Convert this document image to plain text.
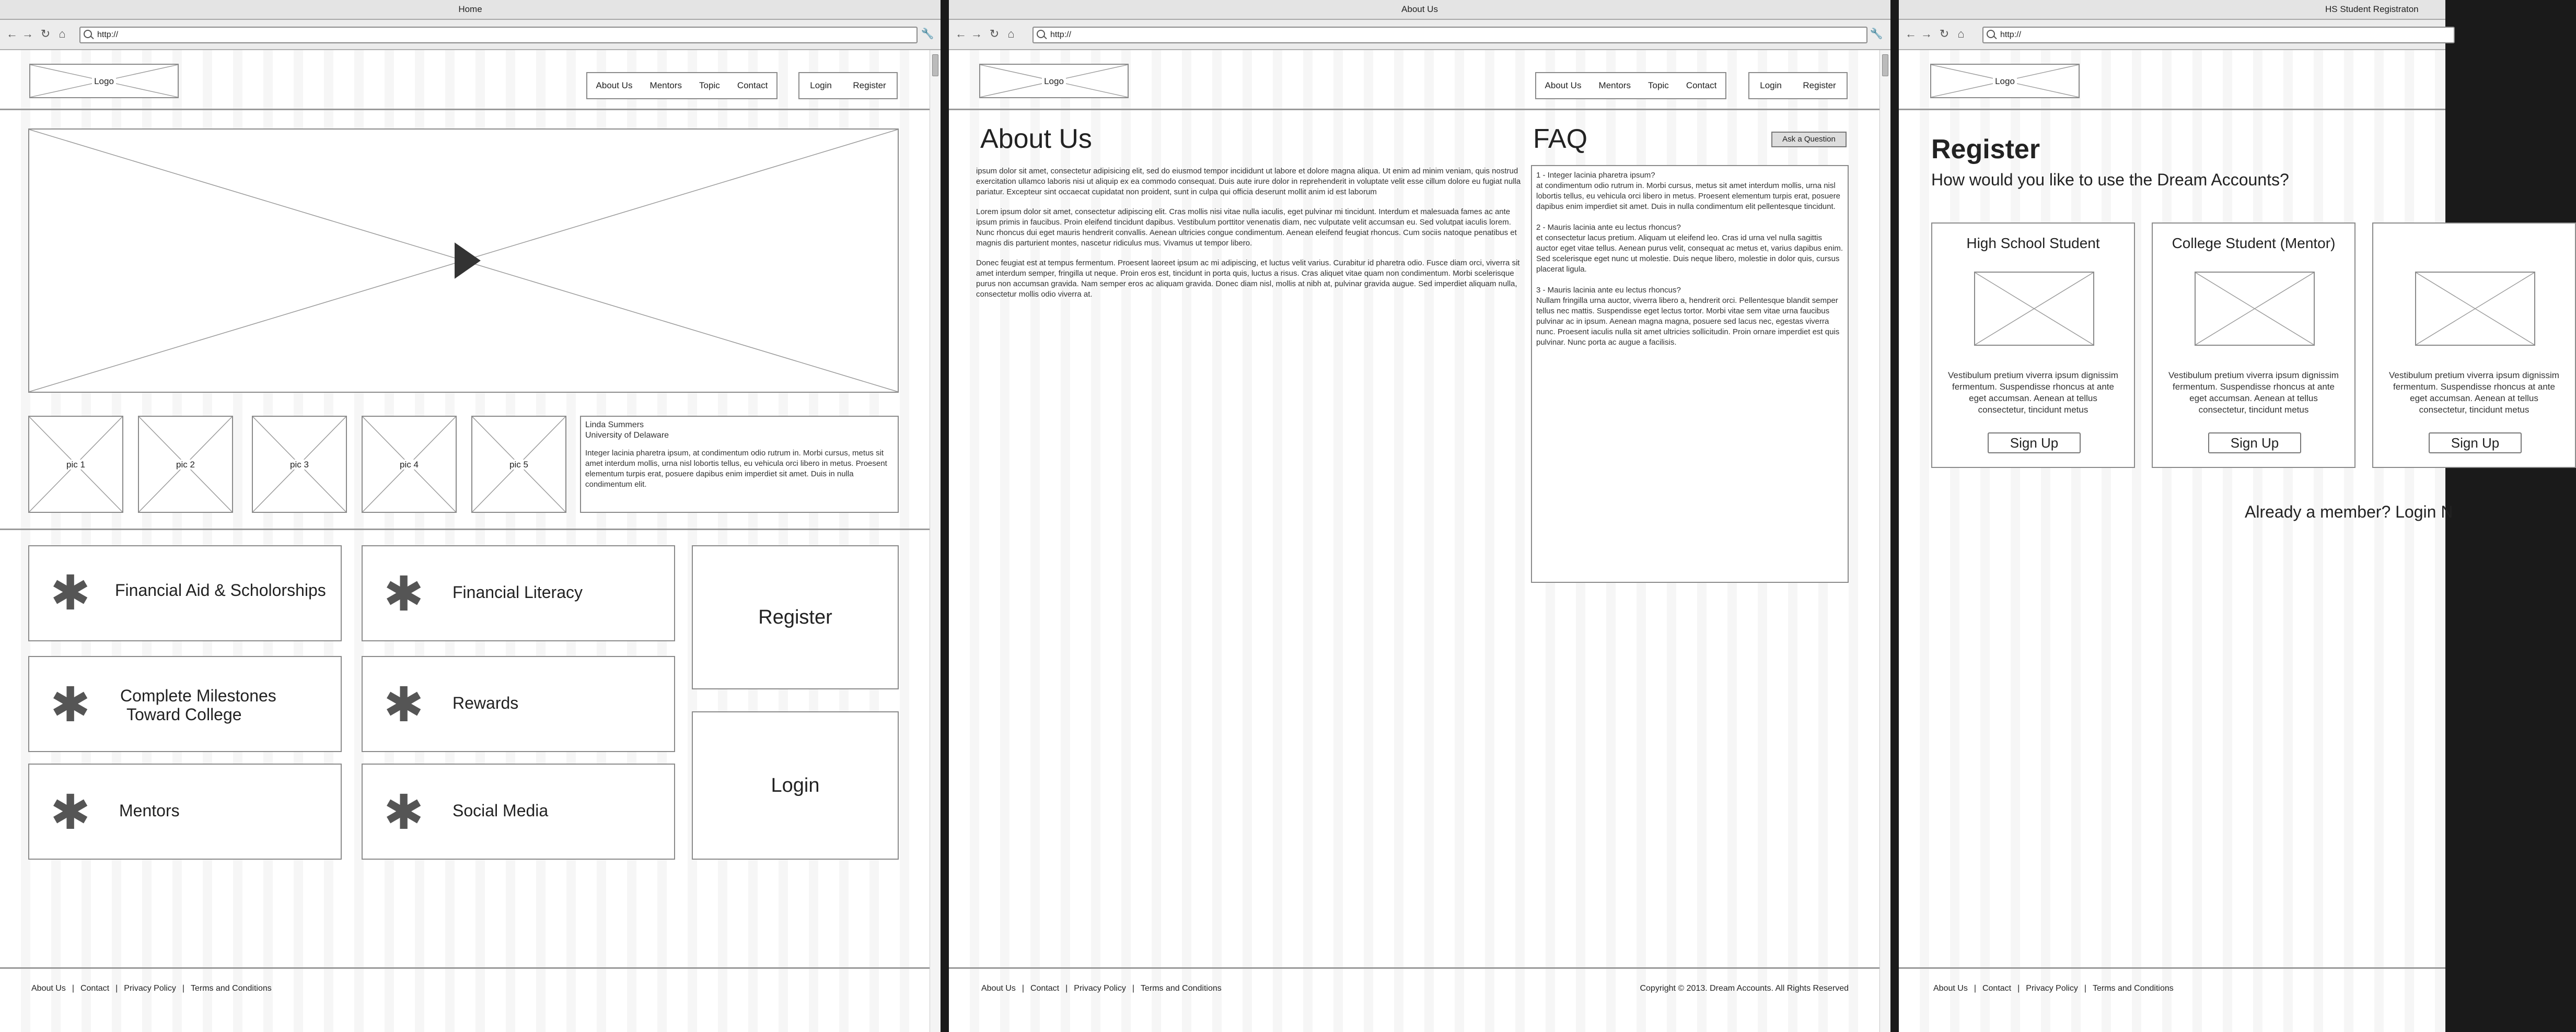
Home
← → ↻ ⌂	http://	🔧
Logo	About Us Mentors Topic Contact	Login Register
pic 1	pic 2	pic 3	pic 4	pic 5
Linda Summers
University of Delaware
Integer lacinia pharetra ipsum, at condimentum odio rutrum in. Morbi cursus, metus sit amet interdum mollis, urna nisl lobortis tellus, eu vehicula orci libero in metus. Proesent elementum turpis erat, posuere dapibus enim imperdiet sit amet. Duis in nulla condimentum elit.
✱ Financial Aid & Scholorships ✱ Financial Literacy
✱ Complete Milestones
Toward College	✱ Rewards
✱ Mentors	✱ Social Media
Register
Login
About Us | Contact | Privacy Policy | Terms and Conditions
About Us
← → ↻ ⌂	http://	🔧
Logo	About Us Mentors Topic Contact	Login Register
About Us

ipsum dolor sit amet, consectetur adipisicing elit, sed do eiusmod tempor incididunt ut labore et dolore magna aliqua. Ut enim ad minim veniam, quis nostrud exercitation ullamco laboris nisi ut aliquip ex ea commodo consequat. Duis aute irure dolor in reprehenderit in voluptate velit esse cillum dolore eu fugiat nulla pariatur. Excepteur sint occaecat cupidatat non proident, sunt in culpa qui officia deserunt mollit anim id est laborum

Lorem ipsum dolor sit amet, consectetur adipiscing elit. Cras mollis nisi vitae nulla iaculis, eget pulvinar mi tincidunt. Interdum et malesuada fames ac ante ipsum primis in faucibus. Proin eleifend tincidunt dapibus. Vestibulum porttitor venenatis diam, nec vulputate velit accumsan eu. Sed volutpat iaculis lorem. Nunc rhoncus dui eget mauris hendrerit convallis. Aenean ultricies congue condimentum. Aenean eleifend feugiat rhoncus. Cum sociis natoque penatibus et magnis dis parturient montes, nascetur ridiculus mus. Vivamus ut tempor libero.

Donec feugiat est at tempus fermentum. Proesent laoreet ipsum ac mi adipiscing, et luctus velit varius. Curabitur id pharetra odio. Fusce diam orci, viverra sit amet interdum semper, fringilla ut neque. Proin eros est, tincidunt in porta quis, luctus a risus. Cras aliquet vitae quam non condimentum. Morbi scelerisque purus non accumsan gravida. Nam semper eros ac aliquam gravida. Donec diam nisl, mollis at nibh at, pulvinar gravida augue. Sed imperdiet aliquam nulla, consectetur mollis odio viverra at.

FAQ	Ask a Question
1 - Integer lacinia pharetra ipsum?
at condimentum odio rutrum in. Morbi cursus, metus sit amet interdum mollis, urna nisl lobortis tellus, eu vehicula orci libero in metus. Proesent elementum turpis erat, posuere dapibus enim imperdiet sit amet. Duis in nulla condimentum elit pellentesque tincidunt.
2 - Mauris lacinia ante eu lectus rhoncus?
et consectetur lacus pretium. Aliquam ut eleifend leo. Cras id urna vel nulla sagittis auctor eget vitae tellus. Aenean purus velit, consequat ac metus et, varius dapibus enim. Sed scelerisque eget nunc ut molestie. Duis neque libero, molestie in dolor quis, cursus placerat ligula.
3 - Mauris lacinia ante eu lectus rhoncus?
Nullam fringilla urna auctor, viverra libero a, hendrerit orci. Pellentesque blandit semper tellus nec mattis. Suspendisse eget lectus tortor. Morbi vitae sem vitae urna faucibus pulvinar ac in ipsum. Aenean magna magna, posuere sed lacus nec, egestas viverra nunc. Proesent iaculis nulla sit amet ultricies sollicitudin. Proin ornare imperdiet est quis pulvinar. Nunc porta ac augue a facilisis.
About Us | Contact | Privacy Policy | Terms and Conditions	Copyright © 2013. Dream Accounts. All Rights Reserved
HS Student Registraton
← → ↻ ⌂	http://
Logo
Register
How would you like to use the Dream Accounts?
High School Student
Vestibulum pretium viverra ipsum dignissim fermentum. Suspendisse rhoncus at ante eget accumsan. Aenean at tellus consectetur, tincidunt metus
Sign Up
College Student (Mentor)
Vestibulum pretium viverra ipsum dignissim fermentum. Suspendisse rhoncus at ante eget accumsan. Aenean at tellus consectetur, tincidunt metus
Sign Up
Vestibulum pretium viverra ipsum dignissim fermentum. Suspendisse rhoncus at ante eget accumsan. Aenean at tellus consectetur, tincidunt metus
Sign Up
Already a member? Login N
About Us | Contact | Privacy Policy | Terms and Conditions
